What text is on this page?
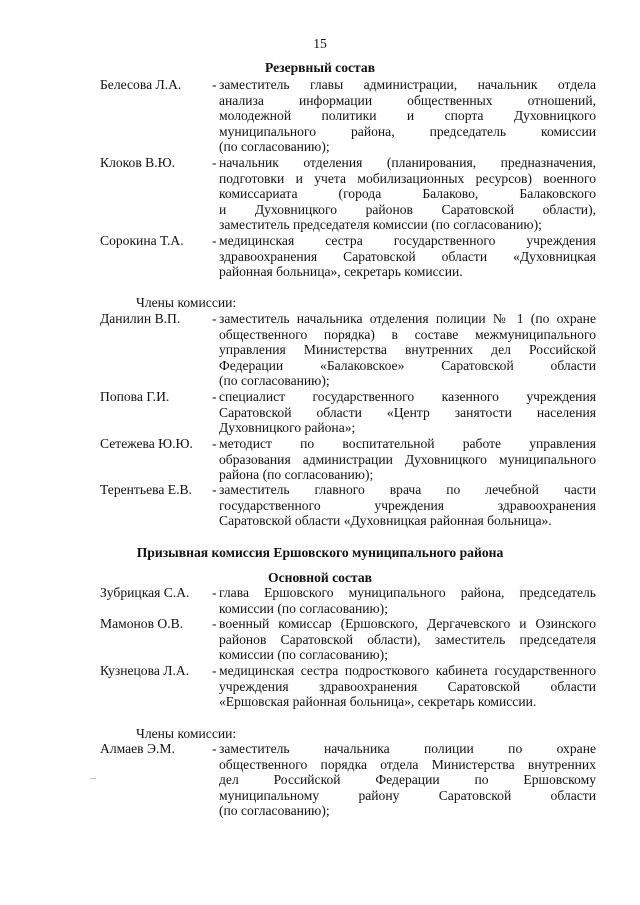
15
Резервный состав
Белесова Л.А. - заместитель главы администрации, начальник отдела
анализа информации общественных отношений,
молодежной политики и спорта Духовницкого
муниципального района, председатель комиссии
(по согласованию);
Клоков В.Ю.	- начальник отделения (планирования, предназначения,
подготовки и учета мобилизационных ресурсов) военного
комиссариата (города Балаково, Балаковского
и Духовницкого районов Саратовской области),
заместитель председателя комиссии (по согласованию);
Сорокина Т.А. - медицинская сестра государственного учреждения
здравоохранения Саратовской области «Духовницкая
районная больница», секретарь комиссии.
Члены комиссии:
Данилин В.П. - заместитель начальника отделения полиции № 1 (по охране
общественного порядка) в составе межмуниципального
управления Министерства внутренних дел Российской
Федерации «Балаковское» Саратовской области
(по согласованию);
Попова Г.И.	- специалист государственного казенного учреждения
Саратовской области «Центр занятости населения
Духовницкого района»;
Сетежева Ю.Ю. - методист по воспитательной работе управления
образования администрации Духовницкого муниципального
района (по согласованию);
Терентьева Е.В. - заместитель главного врача по лечебной части
государственного учреждения здравоохранения
Саратовской области «Духовницкая районная больница».
Призывная комиссия Ершовского муниципального района
Основной состав
Зубрицкая С.А. - глава Ершовского муниципального района, председатель
комиссии (по согласованию);
Мамонов О.В. - военный комиссар (Ершовского, Дергачевского и Озинского
районов Саратовской области), заместитель председателя
комиссии (по согласованию);
Кузнецова Л.А. - медицинская сестра подросткового кабинета государственного
учреждения здравоохранения Саратовской области
«Ершовская районная больница», секретарь комиссии.
Члены комиссии:
Алмаев Э.М.	- заместитель начальника полиции по охране
общественного порядка отдела Министерства внутренних
дел Российской Федерации по Ершовскому
муниципальному району Саратовской области
(по согласованию);
